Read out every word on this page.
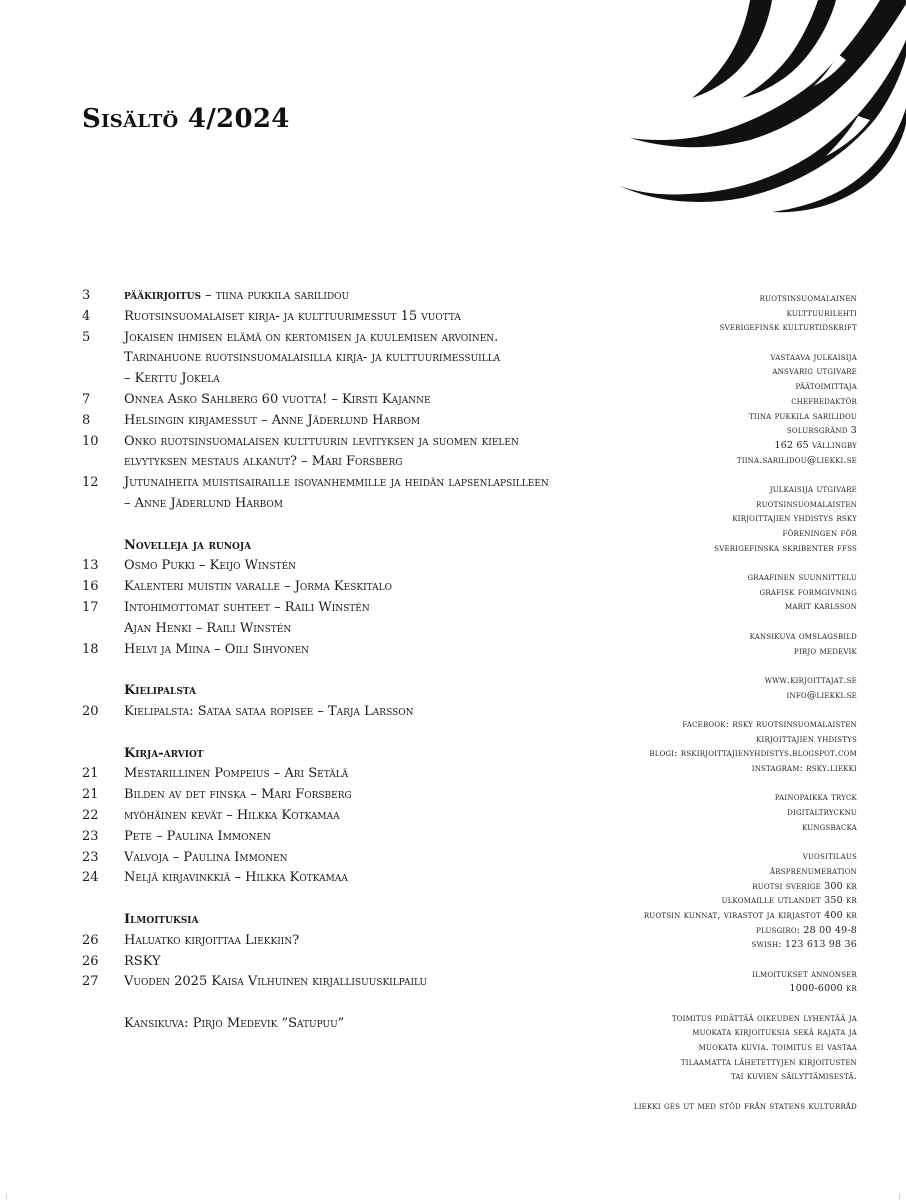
Sisältö 4/2024
3	pääkirjoitus – tiina pukkila sarilidou
4	Ruotsinsuomalaiset kirja- ja kulttuurimessut 15 vuotta
5	Jokaisen ihmisen elämä on kertomisen ja kuulemisen arvoinen.
Tarinahuone ruotsinsuomalaisilla kirja- ja kulttuurimessuilla
– Kerttu Jokela
7	Onnea Asko Sahlberg 60 vuotta! – Kirsti Kajanne
8	Helsingin kirjamessut – Anne Jäderlund Harbom
10	Onko ruotsinsuomalaisen kulttuurin levityksen ja suomen kielen
elvytyksen mestaus alkanut? – Mari Forsberg
12	Jutunaiheita muistisairaille isovanhemmille ja heidän lapsenlapsilleen
– Anne Jäderlund Harbom
Novelleja ja runoja
13	Osmo Pukki – Keijo Winstén
16	Kalenteri muistin varalle – Jorma Keskitalo
17	Intohimottomat suhteet – Raili Winstén
Ajan Henki – Raili Winstén
18	Helvi ja Miina – Oili Sihvonen
Kielipalsta
20	Kielipalsta: Sataa sataa ropisee – Tarja Larsson
Kirja-arviot
21	Mestarillinen Pompeius – Ari Setälä
21	Bilden av det finska – Mari Forsberg
22	myöhäinen kevät – Hilkka Kotkamaa
23	Pete – Paulina Immonen
23	Valvoja – Paulina Immonen
24	Neljä kirjavinkkiä – Hilkka Kotkamaa
Ilmoituksia
26	Haluatko kirjoittaa Liekkiin?
26	RSKY
27	Vuoden 2025 Kaisa Vilhuinen kirjallisuuskilpailu
Kansikuva: Pirjo Medevik ”Satupuu”
ruotsinsuomalainen
kulttuurilehti
sverigefinsk kulturtidskrift
vastaava julkaisija
ansvarig utgivare
päätoimittaja
chefredaktör
tiina pukkila sarilidou
solursgränd 3
162 65 vällingby
tiina.sarilidou@liekki.se
julkaisija utgivare
ruotsinsuomalaisten
kirjoittajien yhdistys rsky
föreningen för
sverigefinska skribenter ffss
graafinen suunnittelu
grafisk formgivning
marit karlsson
kansikuva omslagsbild
pirjo medevik
www.kirjoittajat.se
info@liekki.se
facebook: rsky ruotsinsuomalaisten
kirjoittajien yhdistys
blogi: rskirjoittajienyhdistys.blogspot.com
instagram: rsky.liekki
painopaikka tryck
digitaltrycknu
kungsbacka
vuositilaus
årsprenumeration
ruotsi sverige 300 kr
ulkomaille utlandet 350 kr
ruotsin kunnat, virastot ja kirjastot 400 kr
plusgiro: 28 00 49-8
swish: 123 613 98 36
ilmoitukset annonser
1000-6000 kr
toimitus pidättää oikeuden lyhentää ja
muokata kirjoituksia sekä rajata ja
muokata kuvia. toimitus ei vastaa
tilaamatta lähetettyjen kirjoitusten
tai kuvien säilyttämisestä.
liekki ges ut med stöd från statens kulturråd
